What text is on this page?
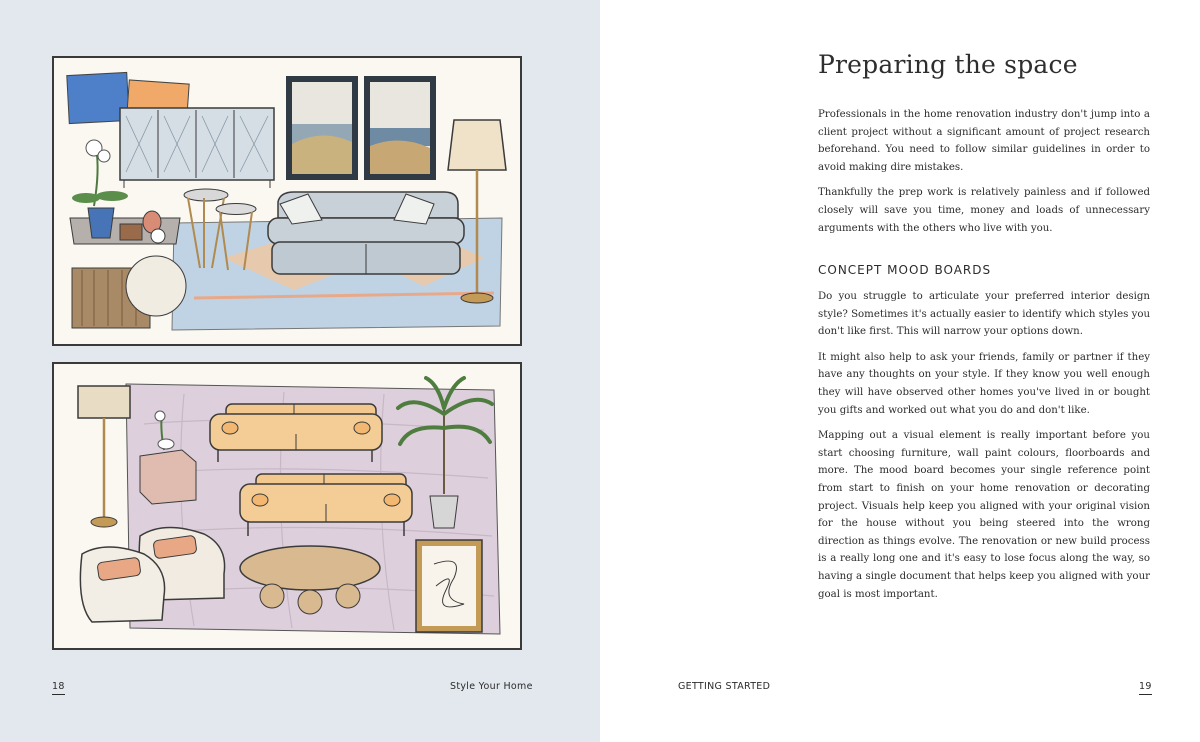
18	Style Your Home
Preparing the space

Professionals in the home renovation industry don't jump into a client project without a significant amount of project research beforehand. You need to follow similar guidelines in order to avoid making dire mistakes.

Thankfully the prep work is relatively painless and if followed closely will save you time, money and loads of unnecessary arguments with the others who live with you.

CONCEPT MOOD BOARDS

Do you struggle to articulate your preferred interior design style? Sometimes it's actually easier to identify which styles you don't like first. This will narrow your options down.

It might also help to ask your friends, family or partner if they have any thoughts on your style. If they know you well enough they will have observed other homes you've lived in or bought you gifts and worked out what you do and don't like.

Mapping out a visual element is really important before you start choosing furniture, wall paint colours, floorboards and more. The mood board becomes your single reference point from start to finish on your home renovation or decorating project. Visuals help keep you aligned with your original vision for the house without you being steered into the wrong direction as things evolve. The renovation or new build process is a really long one and it's easy to lose focus along the way, so having a single document that helps keep you aligned with your goal is most important.

GETTING STARTED	19
